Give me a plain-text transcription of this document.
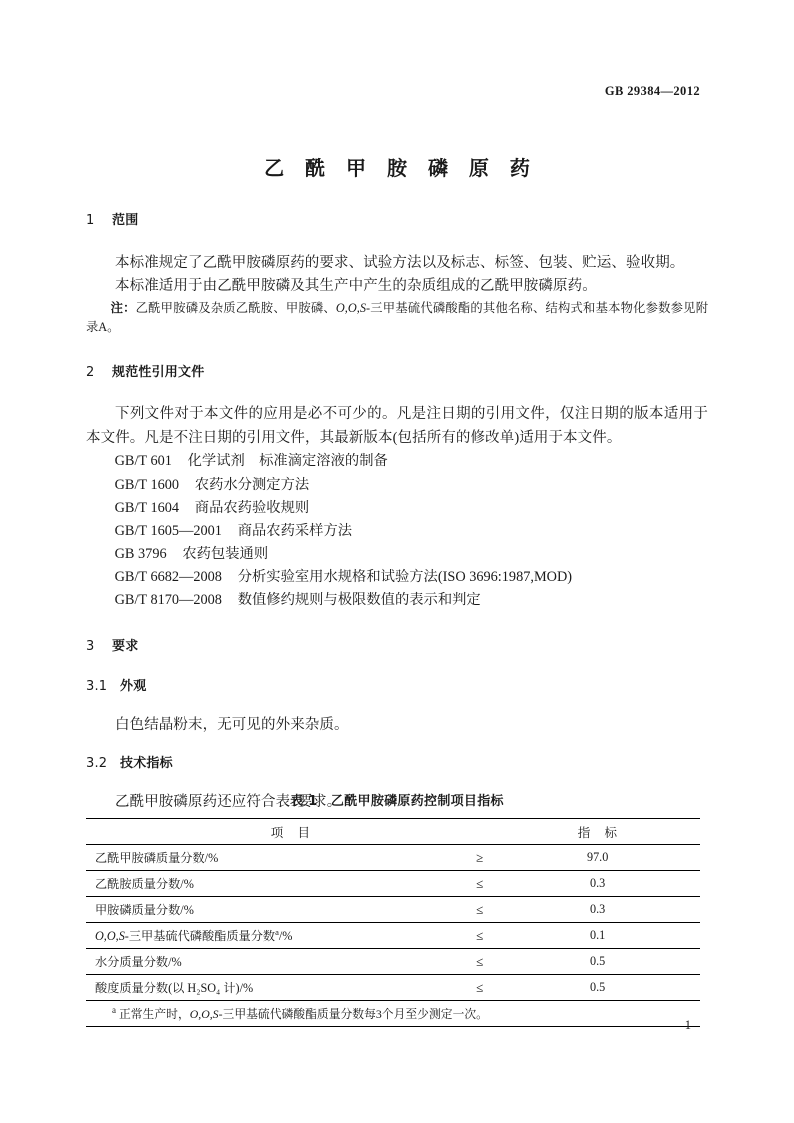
GB 29384—2012
乙 酰 甲 胺 磷 原 药
1 范围

本标准规定了乙酰甲胺磷原药的要求、试验方法以及标志、标签、包装、贮运、验收期。

本标准适用于由乙酰甲胺磷及其生产中产生的杂质组成的乙酰甲胺磷原药。

注：乙酰甲胺磷及杂质乙酰胺、甲胺磷、O,O,S-三甲基硫代磷酸酯的其他名称、结构式和基本物化参数参见附录A。

2 规范性引用文件

下列文件对于本文件的应用是必不可少的。凡是注日期的引用文件，仅注日期的版本适用于本文件。凡是不注日期的引用文件，其最新版本(包括所有的修改单)适用于本文件。

GB/T 601 化学试剂　标准滴定溶液的制备

GB/T 1600 农药水分测定方法

GB/T 1604 商品农药验收规则

GB/T 1605—2001 商品农药采样方法

GB 3796 农药包装通则

GB/T 6682—2008 分析实验室用水规格和试验方法(ISO 3696:1987,MOD)

GB/T 8170—2008 数值修约规则与极限数值的表示和判定

3 要求
3.1 外观

白色结晶粉末，无可见的外来杂质。

3.2 技术指标

乙酰甲胺磷原药还应符合表1要求。

表 1　乙酰甲胺磷原药控制项目指标

项 目		指 标
乙酰甲胺磷质量分数/%	≥	97.0
乙酰胺质量分数/%	≤	0.3
甲胺磷质量分数/%	≤	0.3
O,O,S-三甲基硫代磷酸酯质量分数$^a$/%	≤	0.1
水分质量分数/%	≤	0.5
酸度质量分数(以 H₂SO₄ 计)/%	≤	0.5
$^a$ 正常生产时，O,O,S-三甲基硫代磷酸酯质量分数每3个月至少测定一次。		
1
